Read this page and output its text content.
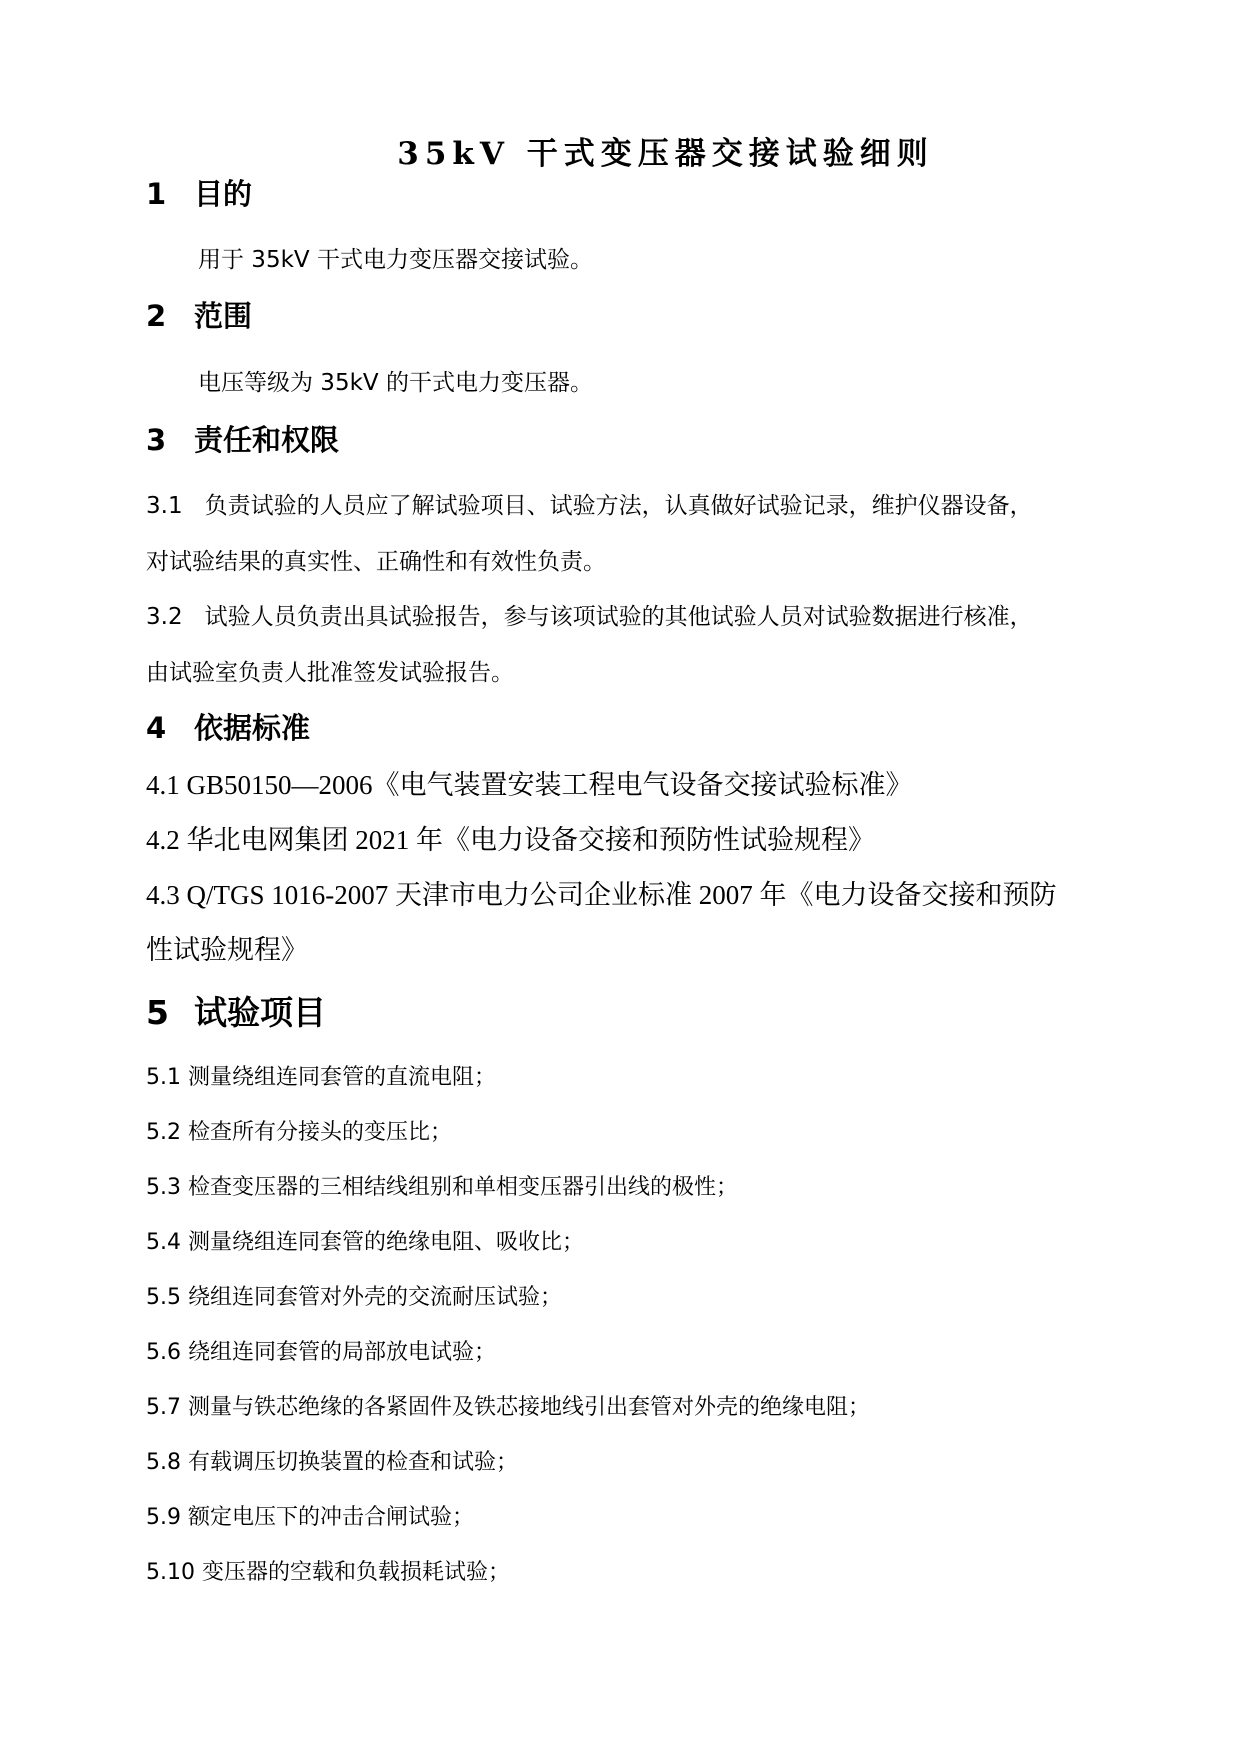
35kV 干式变压器交接试验细则
1 目的
用于 35kV 干式电力变压器交接试验。
2 范围
电压等级为 35kV 的干式电力变压器。
3 责任和权限
3.1 负责试验的人员应了解试验项目、试验方法，认真做好试验记录，维护仪器设备，
对试验结果的真实性、正确性和有效性负责。
3.2 试验人员负责出具试验报告，参与该项试验的其他试验人员对试验数据进行核准，
由试验室负责人批准签发试验报告。
4 依据标准
4.1 GB50150—2006《电气装置安装工程电气设备交接试验标准》
4.2 华北电网集团 2021 年《电力设备交接和预防性试验规程》
4.3 Q/TGS 1016-2007 天津市电力公司企业标准 2007 年《电力设备交接和预防
性试验规程》
5 试验项目
5.1 测量绕组连同套管的直流电阻；
5.2 检查所有分接头的变压比；
5.3 检查变压器的三相结线组别和单相变压器引出线的极性；
5.4 测量绕组连同套管的绝缘电阻、吸收比；
5.5 绕组连同套管对外壳的交流耐压试验；
5.6 绕组连同套管的局部放电试验；
5.7 测量与铁芯绝缘的各紧固件及铁芯接地线引出套管对外壳的绝缘电阻；
5.8 有载调压切换装置的检查和试验；
5.9 额定电压下的冲击合闸试验；
5.10 变压器的空载和负载损耗试验；
